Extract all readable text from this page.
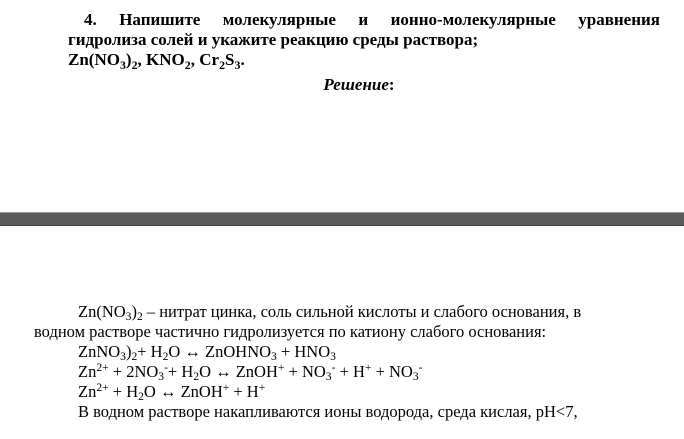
4. Напишите молекулярные и ионно-молекулярные уравнения
гидролиза солей и укажите реакцию среды раствора;
$Zn(NO_3)_2$, $KNO_2$, $Cr_2S_3$.
Решение:
$Zn(NO_3)_2$ – нитрат цинка, соль сильной кислоты и слабого основания, в
водном растворе частично гидролизуется по катиону слабого основания:
$ZnNO_3)_2+ H_2O$ ↔ ZnOHNO$_3$ + $HNO_3$
$Zn^{2+} + 2NO_3^-+ H_2O$ ↔ ZnOH+ + $NO_3^- + H^+ + NO_3^-$
$Zn^{2+} + H_2O$ ↔ ZnOH+ + H+
В водном растворе накапливаются ионы водорода, среда кислая, рН<7,
